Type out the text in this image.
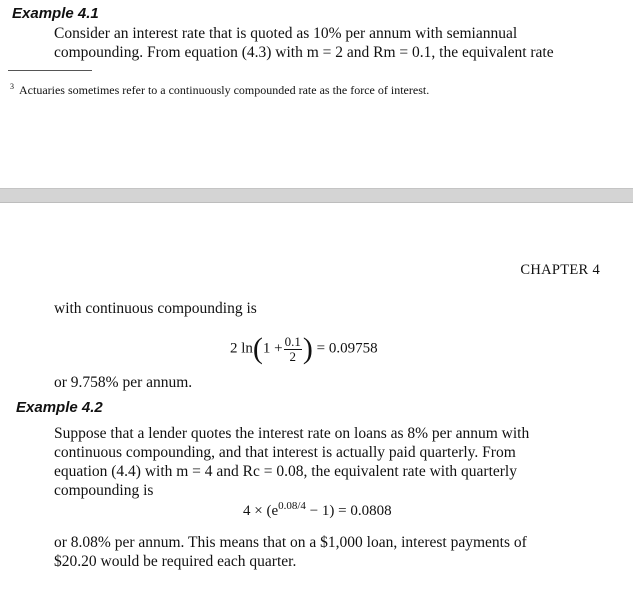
Example 4.1
Consider an interest rate that is quoted as 10% per annum with semiannual
compounding. From equation (4.3) with m = 2 and Rm = 0.1, the equivalent rate
$^3$ Actuaries sometimes refer to a continuously compounded rate as the force of interest.
CHAPTER 4
with continuous compounding is
2 $\ln(1 + \frac{0.1}{2}$ ) = 0.09758
or 9.758% per annum.
Example 4.2
Suppose that a lender quotes the interest rate on loans as 8% per annum with
continuous compounding, and that interest is actually paid quarterly. From
equation (4.4) with m = 4 and Rc = 0.08, the equivalent rate with quarterly
compounding is
$4 \times (e^{0.08/4} - 1) = 0.0808$
or 8.08% per annum. This means that on a $1,000 loan, interest payments of
$20.20 would be required each quarter.
